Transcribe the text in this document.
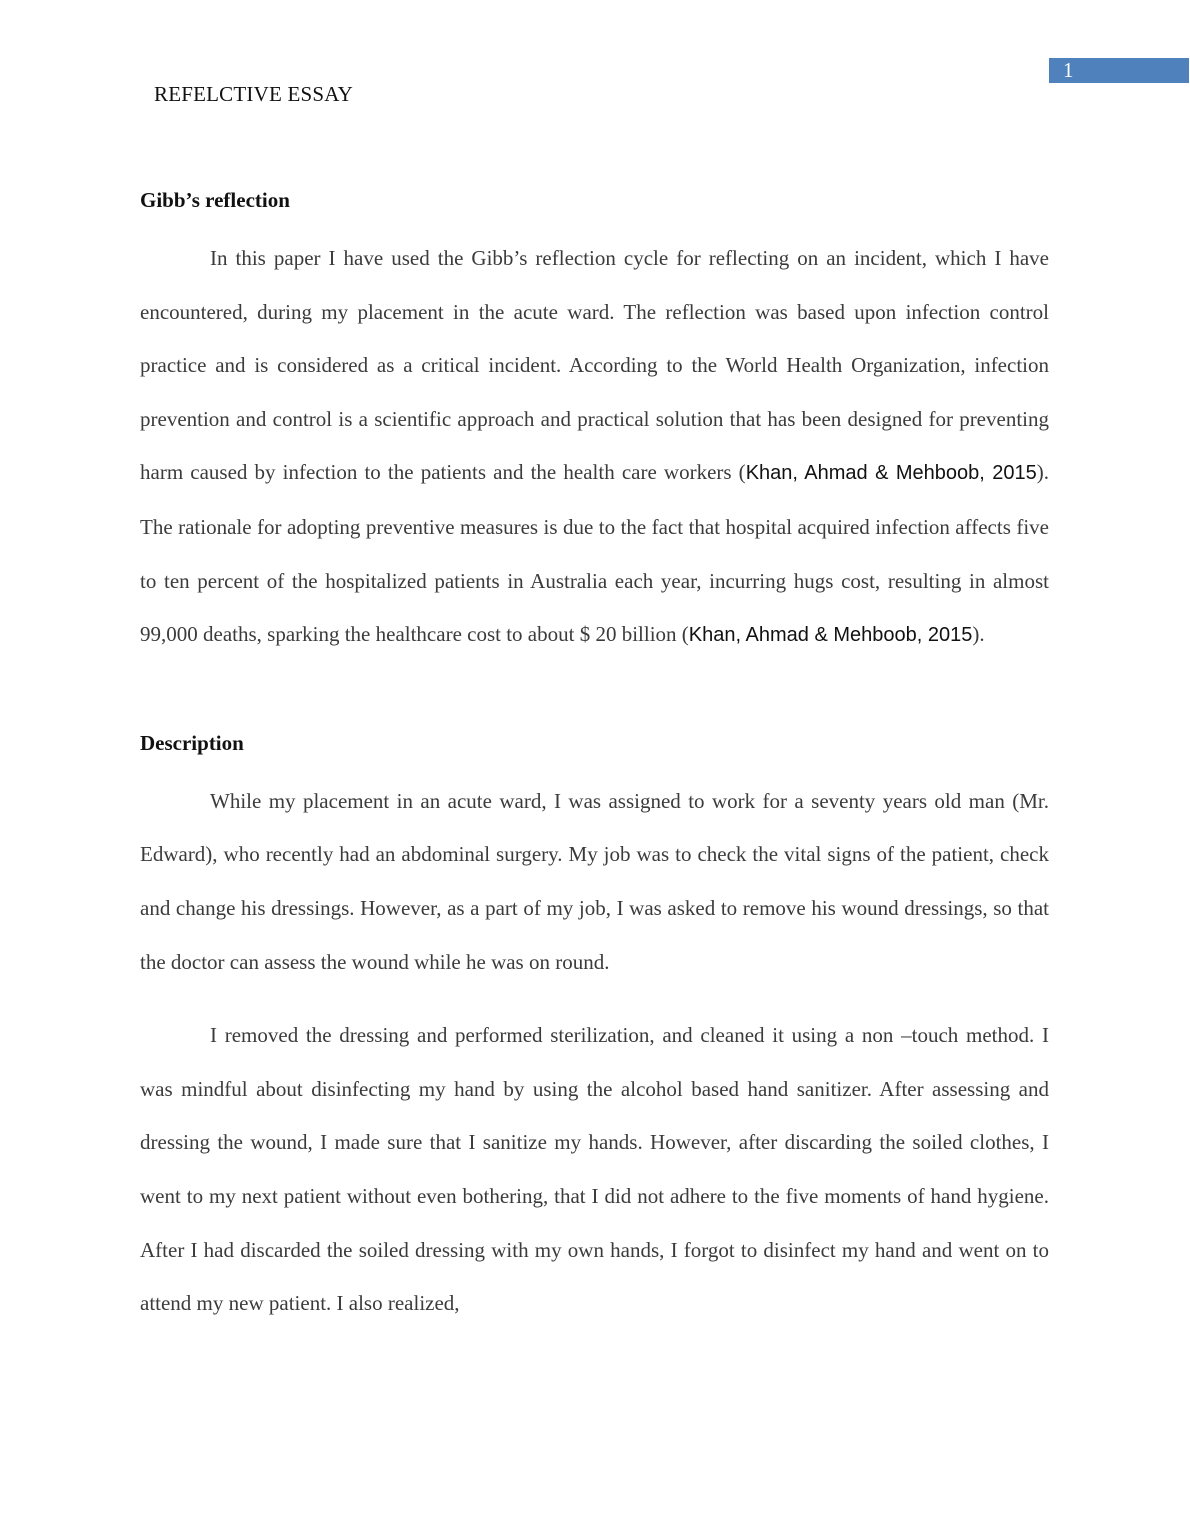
1
REFELCTIVE ESSAY
Gibb’s reflection

In this paper I have used the Gibb’s reflection cycle for reflecting on an incident, which I have encountered, during my placement in the acute ward. The reflection was based upon infection control practice and is considered as a critical incident. According to the World Health Organization, infection prevention and control is a scientific approach and practical solution that has been designed for preventing harm caused by infection to the patients and the health care workers (Khan, Ahmad & Mehboob, 2015). The rationale for adopting preventive measures is due to the fact that hospital acquired infection affects five to ten percent of the hospitalized patients in Australia each year, incurring hugs cost, resulting in almost 99,000 deaths, sparking the healthcare cost to about $ 20 billion (Khan, Ahmad & Mehboob, 2015).

Description

While my placement in an acute ward, I was assigned to work for a seventy years old man (Mr. Edward), who recently had an abdominal surgery. My job was to check the vital signs of the patient, check and change his dressings. However, as a part of my job, I was asked to remove his wound dressings, so that the doctor can assess the wound while he was on round.

I removed the dressing and performed sterilization, and cleaned it using a non –touch method. I was mindful about disinfecting my hand by using the alcohol based hand sanitizer. After assessing and dressing the wound, I made sure that I sanitize my hands. However, after discarding the soiled clothes, I went to my next patient without even bothering, that I did not adhere to the five moments of hand hygiene. After I had discarded the soiled dressing with my own hands, I forgot to disinfect my hand and went on to attend my new patient. I also realized,
